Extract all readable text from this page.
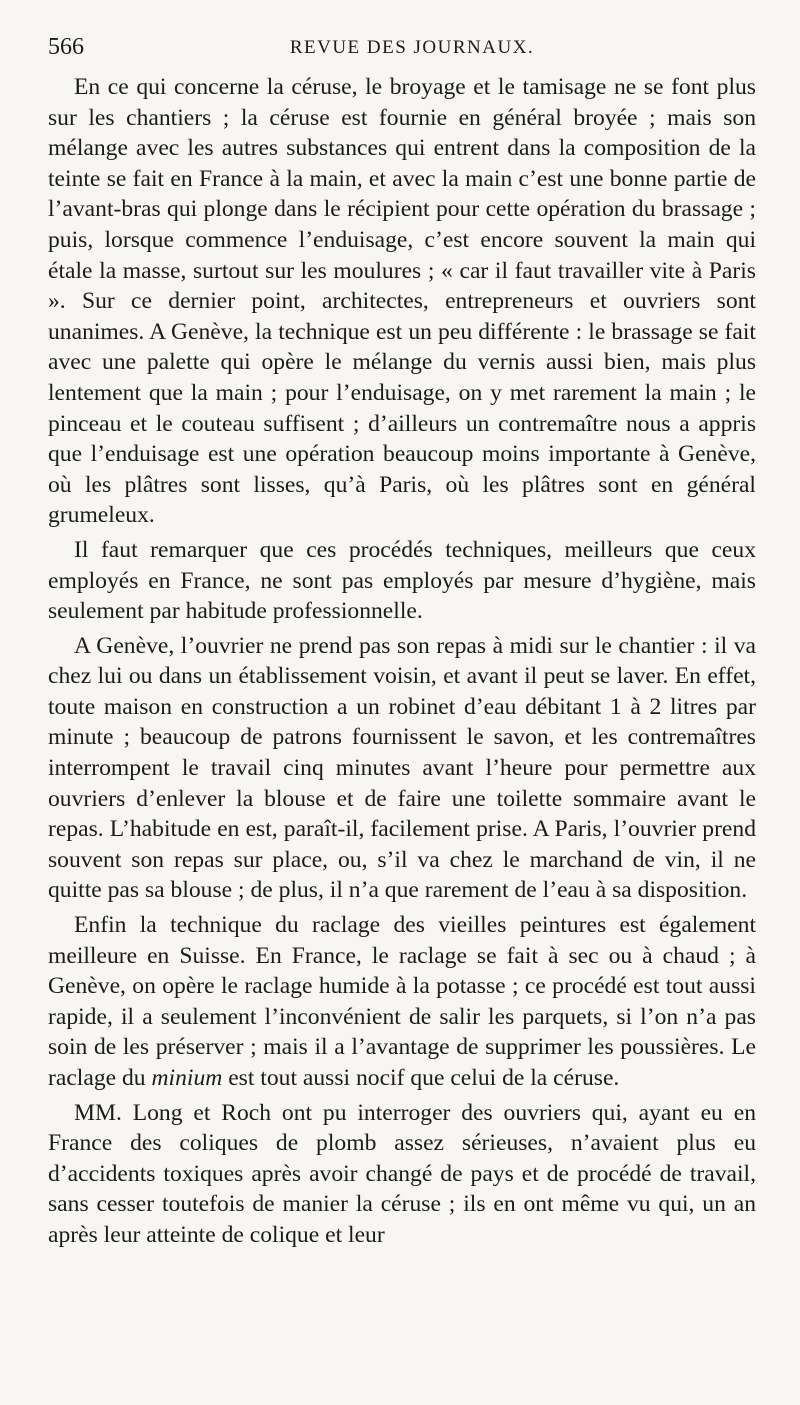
566	REVUE DES JOURNAUX.

En ce qui concerne la céruse, le broyage et le tamisage ne se font plus sur les chantiers ; la céruse est fournie en général broyée ; mais son mélange avec les autres substances qui entrent dans la composition de la teinte se fait en France à la main, et avec la main c’est une bonne partie de l’avant-bras qui plonge dans le récipient pour cette opération du brassage ; puis, lorsque commence l’enduisage, c’est encore souvent la main qui étale la masse, surtout sur les moulures ; « car il faut travailler vite à Paris ». Sur ce dernier point, architectes, entrepreneurs et ouvriers sont unanimes. A Genève, la technique est un peu différente : le brassage se fait avec une palette qui opère le mélange du vernis aussi bien, mais plus lentement que la main ; pour l’enduisage, on y met rarement la main ; le pinceau et le couteau suffisent ; d’ailleurs un contremaître nous a appris que l’enduisage est une opération beaucoup moins importante à Genève, où les plâtres sont lisses, qu’à Paris, où les plâtres sont en général grumeleux.

Il faut remarquer que ces procédés techniques, meilleurs que ceux employés en France, ne sont pas employés par mesure d’hygiène, mais seulement par habitude professionnelle.

A Genève, l’ouvrier ne prend pas son repas à midi sur le chantier : il va chez lui ou dans un établissement voisin, et avant il peut se laver. En effet, toute maison en construction a un robinet d’eau débitant 1 à 2 litres par minute ; beaucoup de patrons fournissent le savon, et les contremaîtres interrompent le travail cinq minutes avant l’heure pour permettre aux ouvriers d’enlever la blouse et de faire une toilette sommaire avant le repas. L’habitude en est, paraît-il, facilement prise. A Paris, l’ouvrier prend souvent son repas sur place, ou, s’il va chez le marchand de vin, il ne quitte pas sa blouse ; de plus, il n’a que rarement de l’eau à sa disposition.

Enfin la technique du raclage des vieilles peintures est également meilleure en Suisse. En France, le raclage se fait à sec ou à chaud ; à Genève, on opère le raclage humide à la potasse ; ce procédé est tout aussi rapide, il a seulement l’inconvénient de salir les parquets, si l’on n’a pas soin de les préserver ; mais il a l’avantage de supprimer les poussières. Le raclage du minium est tout aussi nocif que celui de la céruse.

MM. Long et Roch ont pu interroger des ouvriers qui, ayant eu en France des coliques de plomb assez sérieuses, n’avaient plus eu d’accidents toxiques après avoir changé de pays et de procédé de travail, sans cesser toutefois de manier la céruse ; ils en ont même vu qui, un an après leur atteinte de colique et leur
